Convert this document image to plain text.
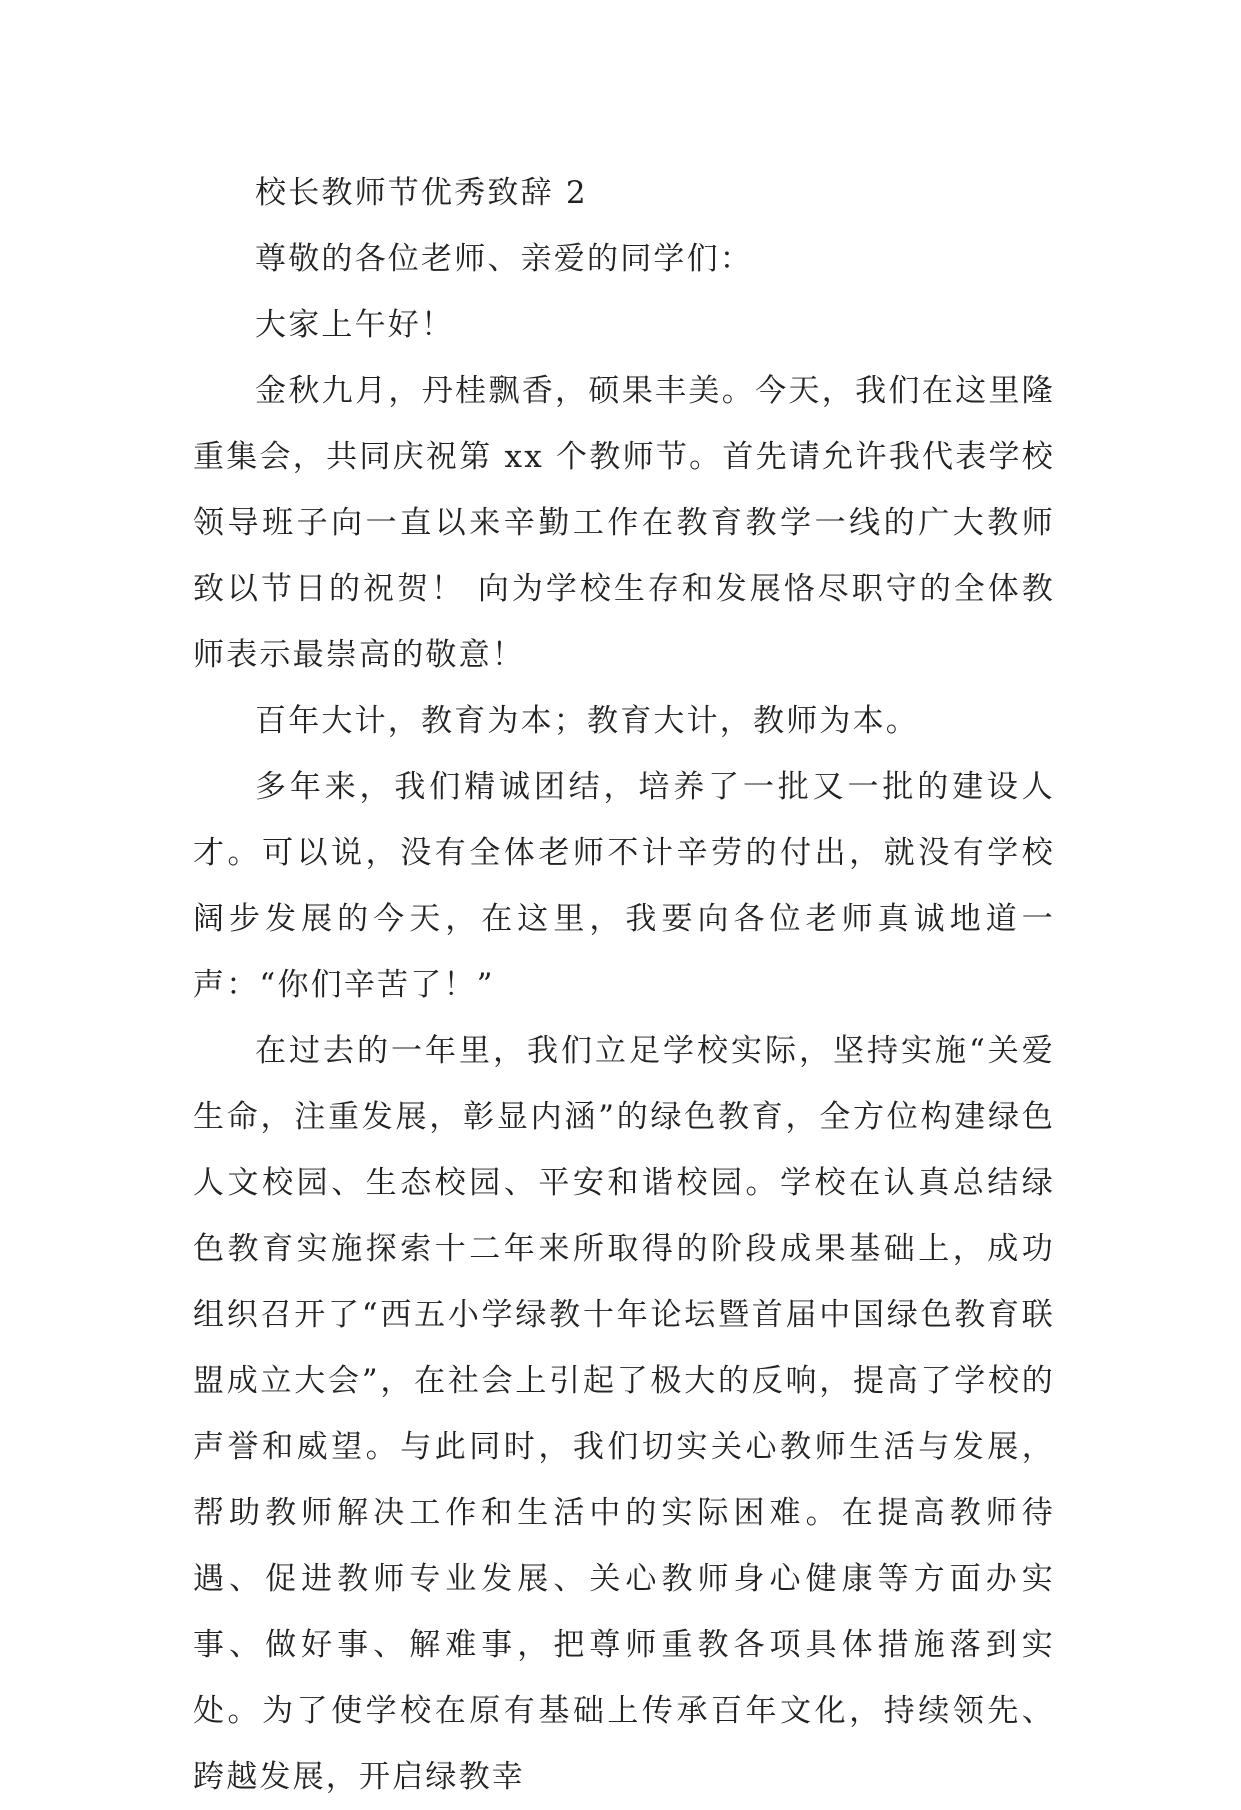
校长教师节优秀致辞 2

尊敬的各位老师、亲爱的同学们：

大家上午好！

金秋九月，丹桂飘香，硕果丰美。今天，我们在这里隆重集会，共同庆祝第 xx 个教师节。首先请允许我代表学校领导班子向一直以来辛勤工作在教育教学一线的广大教师致以节日的祝贺！ 向为学校生存和发展恪尽职守的全体教师表示最崇高的敬意！

百年大计，教育为本；教育大计，教师为本。

多年来，我们精诚团结，培养了一批又一批的建设人才。可以说，没有全体老师不计辛劳的付出，就没有学校阔步发展的今天，在这里，我要向各位老师真诚地道一声：“你们辛苦了！”

在过去的一年里，我们立足学校实际，坚持实施“关爱生命，注重发展，彰显内涵”的绿色教育，全方位构建绿色人文校园、生态校园、平安和谐校园。学校在认真总结绿色教育实施探索十二年来所取得的阶段成果基础上，成功组织召开了“西五小学绿教十年论坛暨首届中国绿色教育联盟成立大会”，在社会上引起了极大的反响，提高了学校的声誉和威望。与此同时，我们切实关心教师生活与发展，帮助教师解决工作和生活中的实际困难。在提高教师待遇、促进教师专业发展、关心教师身心健康等方面办实事、做好事、解难事，把尊师重教各项具体措施落到实处。为了使学校在原有基础上传承百年文化，持续领先、跨越发展，开启绿教幸
